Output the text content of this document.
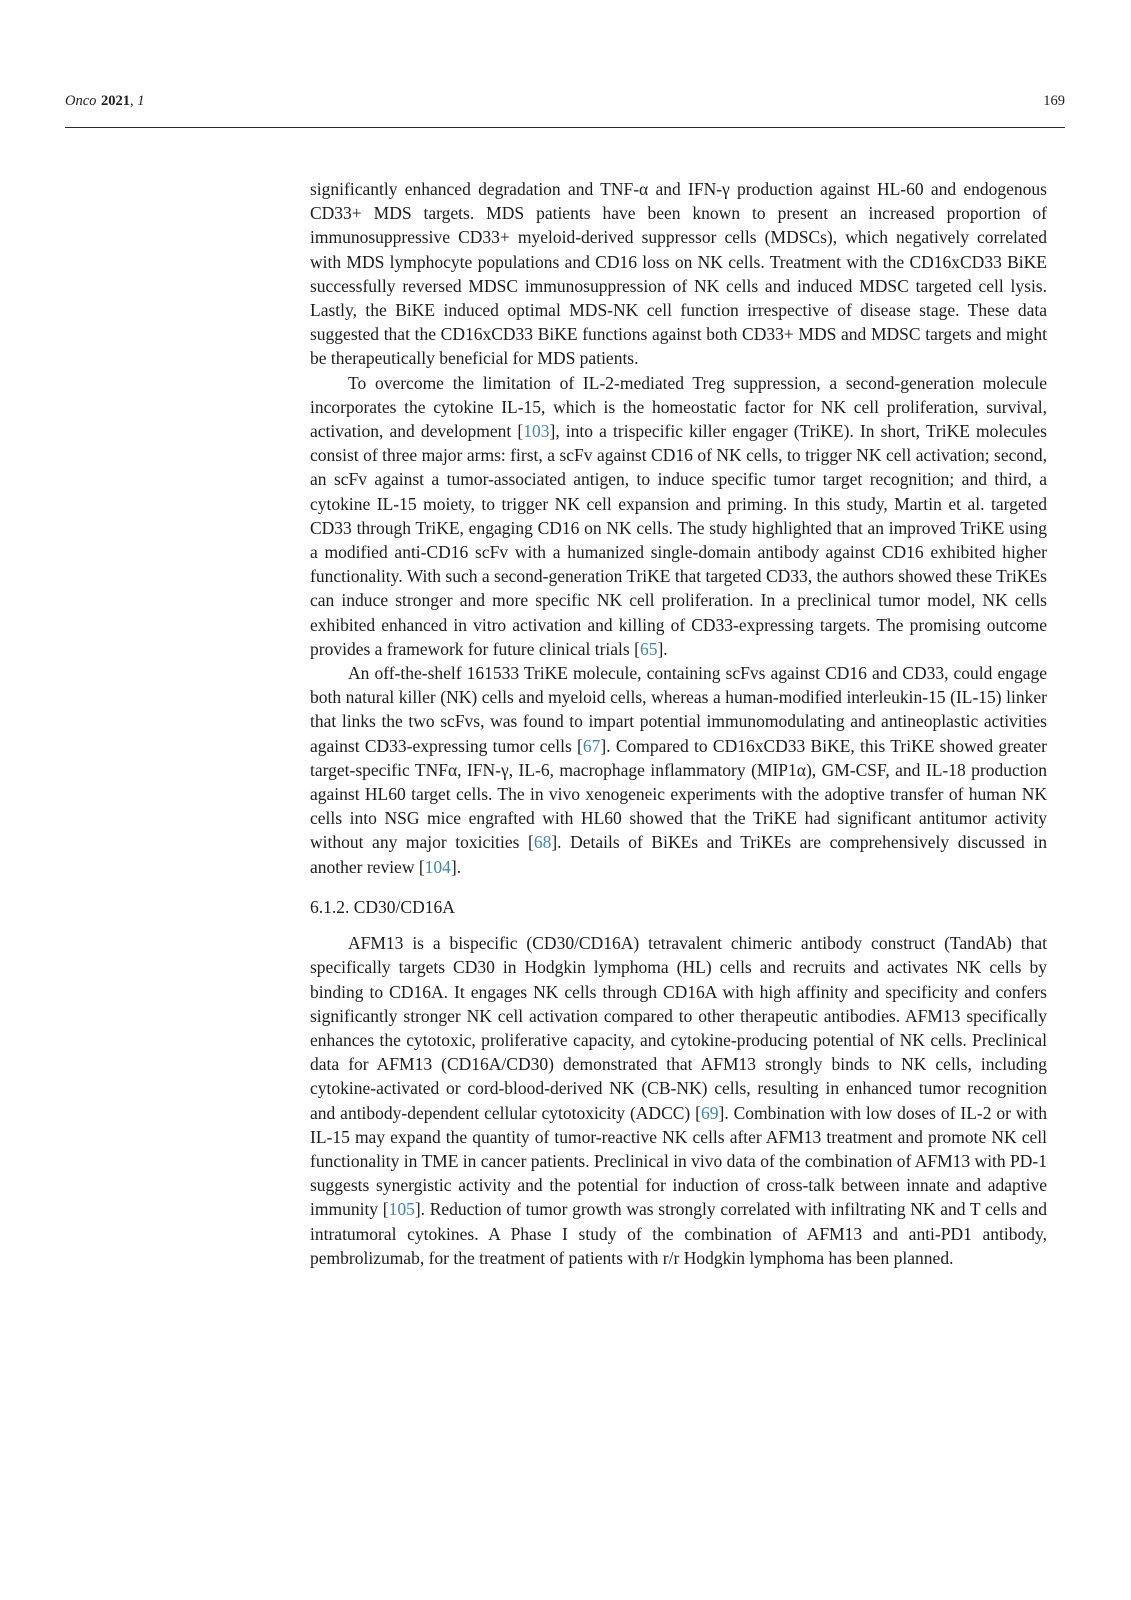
Onco 2021, 1	169

significantly enhanced degradation and TNF-α and IFN-γ production against HL-60 and endogenous CD33+ MDS targets. MDS patients have been known to present an increased proportion of immunosuppressive CD33+ myeloid-derived suppressor cells (MDSCs), which negatively correlated with MDS lymphocyte populations and CD16 loss on NK cells. Treatment with the CD16xCD33 BiKE successfully reversed MDSC immunosuppression of NK cells and induced MDSC targeted cell lysis. Lastly, the BiKE induced optimal MDS-NK cell function irrespective of disease stage. These data suggested that the CD16xCD33 BiKE functions against both CD33+ MDS and MDSC targets and might be therapeutically beneficial for MDS patients.

To overcome the limitation of IL-2-mediated Treg suppression, a second-generation molecule incorporates the cytokine IL-15, which is the homeostatic factor for NK cell proliferation, survival, activation, and development [103], into a trispecific killer engager (TriKE). In short, TriKE molecules consist of three major arms: first, a scFv against CD16 of NK cells, to trigger NK cell activation; second, an scFv against a tumor-associated antigen, to induce specific tumor target recognition; and third, a cytokine IL-15 moiety, to trigger NK cell expansion and priming. In this study, Martin et al. targeted CD33 through TriKE, engaging CD16 on NK cells. The study highlighted that an improved TriKE using a modified anti-CD16 scFv with a humanized single-domain antibody against CD16 exhibited higher functionality. With such a second-generation TriKE that targeted CD33, the authors showed these TriKEs can induce stronger and more specific NK cell proliferation. In a preclinical tumor model, NK cells exhibited enhanced in vitro activation and killing of CD33-expressing targets. The promising outcome provides a framework for future clinical trials [65].

An off-the-shelf 161533 TriKE molecule, containing scFvs against CD16 and CD33, could engage both natural killer (NK) cells and myeloid cells, whereas a human-modified interleukin-15 (IL-15) linker that links the two scFvs, was found to impart potential immunomodulating and antineoplastic activities against CD33-expressing tumor cells [67]. Compared to CD16xCD33 BiKE, this TriKE showed greater target-specific TNFα, IFN-γ, IL-6, macrophage inflammatory (MIP1α), GM-CSF, and IL-18 production against HL60 target cells. The in vivo xenogeneic experiments with the adoptive transfer of human NK cells into NSG mice engrafted with HL60 showed that the TriKE had significant antitumor activity without any major toxicities [68]. Details of BiKEs and TriKEs are comprehensively discussed in another review [104].

6.1.2. CD30/CD16A

AFM13 is a bispecific (CD30/CD16A) tetravalent chimeric antibody construct (TandAb) that specifically targets CD30 in Hodgkin lymphoma (HL) cells and recruits and activates NK cells by binding to CD16A. It engages NK cells through CD16A with high affinity and specificity and confers significantly stronger NK cell activation compared to other therapeutic antibodies. AFM13 specifically enhances the cytotoxic, proliferative capacity, and cytokine-producing potential of NK cells. Preclinical data for AFM13 (CD16A/CD30) demonstrated that AFM13 strongly binds to NK cells, including cytokine-activated or cord-blood-derived NK (CB-NK) cells, resulting in enhanced tumor recognition and antibody-dependent cellular cytotoxicity (ADCC) [69]. Combination with low doses of IL-2 or with IL-15 may expand the quantity of tumor-reactive NK cells after AFM13 treatment and promote NK cell functionality in TME in cancer patients. Preclinical in vivo data of the combination of AFM13 with PD-1 suggests synergistic activity and the potential for induction of cross-talk between innate and adaptive immunity [105]. Reduction of tumor growth was strongly correlated with infiltrating NK and T cells and intratumoral cytokines. A Phase I study of the combination of AFM13 and anti-PD1 antibody, pembrolizumab, for the treatment of patients with r/r Hodgkin lymphoma has been planned.
